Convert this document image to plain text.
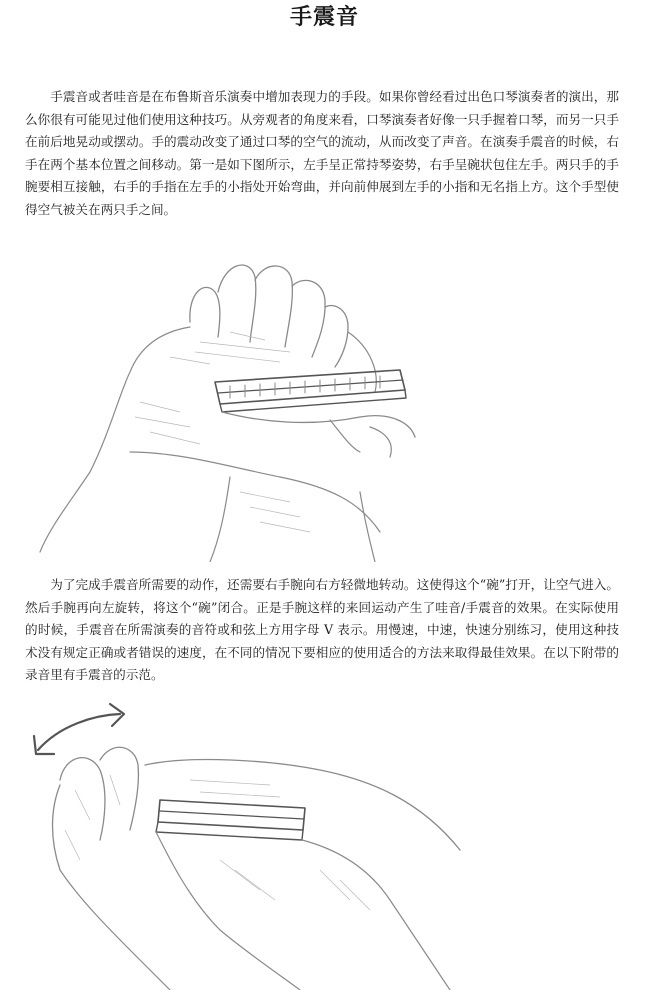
手震音

手震音或者哇音是在布鲁斯音乐演奏中增加表现力的手段。如果你曾经看过出色口琴演奏者的演出，那么你很有可能见过他们使用这种技巧。从旁观者的角度来看，口琴演奏者好像一只手握着口琴，而另一只手在前后地晃动或摆动。手的震动改变了通过口琴的空气的流动，从而改变了声音。在演奏手震音的时候，右手在两个基本位置之间移动。第一是如下图所示，左手呈正常持琴姿势，右手呈碗状包住左手。两只手的手腕要相互接触，右手的手指在左手的小指处开始弯曲，并向前伸展到左手的小指和无名指上方。这个手型使得空气被关在两只手之间。

为了完成手震音所需要的动作，还需要右手腕向右方轻微地转动。这使得这个“碗”打开，让空气进入。然后手腕再向左旋转，将这个“碗”闭合。正是手腕这样的来回运动产生了哇音/手震音的效果。在实际使用的时候，手震音在所需演奏的音符或和弦上方用字母 V 表示。用慢速，中速，快速分别练习，使用这种技术没有规定正确或者错误的速度，在不同的情况下要相应的使用适合的方法来取得最佳效果。在以下附带的录音里有手震音的示范。
